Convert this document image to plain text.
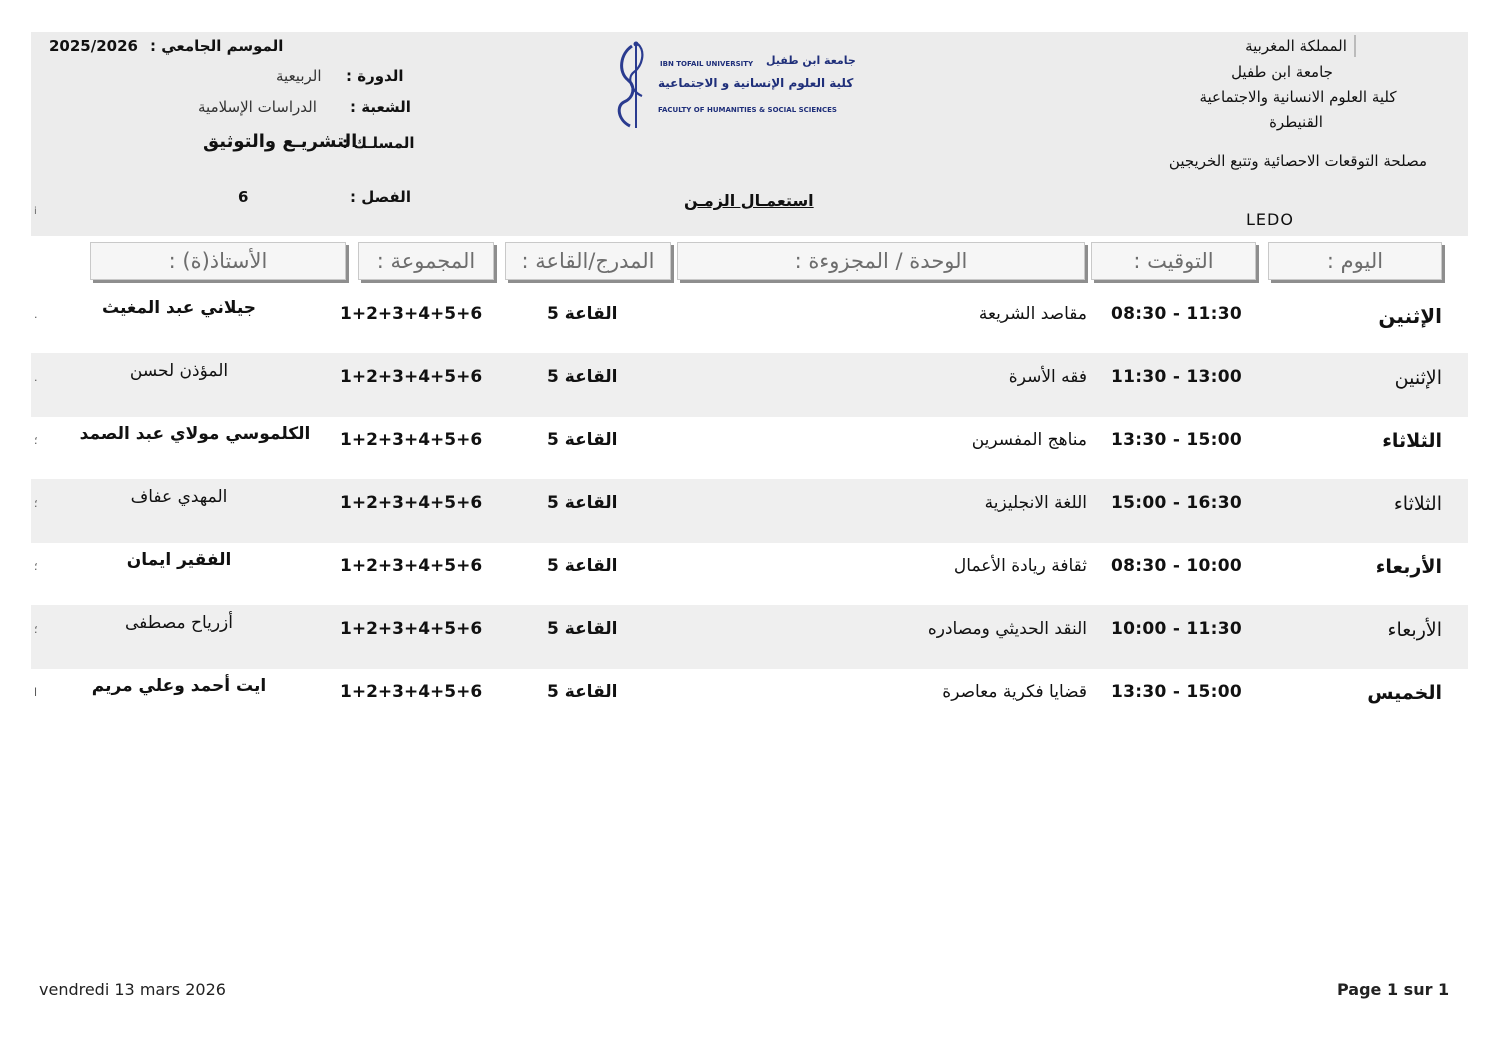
المملكة المغربية
جامعة ابن طفيل
كلية العلوم الانسانية والاجتماعية
القنيطرة
مصلحة التوقعات الاحصائية وتتبع الخريجين
LEDO
IBN TOFAIL UNIVERSITY جامعة ابن طفيل
كلية العلوم الإنسانية و الاجتماعية
FACULTY OF HUMANITIES & SOCIAL SCIENCES
الموسم الجامعي :
2025/2026
الدورة :
الربيعية
الشعبة :
الدراسات الإسلامية
المسلـك :
التشريـع والتوثيق
الفصل :
6	استعمـال الزمـن
i
اليوم :
التوقيت :
الوحدة / المجزوءة :
المدرج/القاعة :
المجموعة :
الأستاذ(ة) :
.	جيلاني عبد المغيث	1+2+3+4+5+6	القاعة 5	مقاصد الشريعة 08:30 - 11:30	الإثنين
.	المؤذن لحسن	1+2+3+4+5+6	القاعة 5	فقه الأسرة 11:30 - 13:00	الإثنين
؛	الكلموسي مولاي عبد الصمد	1+2+3+4+5+6	القاعة 5	مناهج المفسرين 13:30 - 15:00	الثلاثاء
؛	المهدي عفاف	1+2+3+4+5+6	القاعة 5	اللغة الانجليزية 15:00 - 16:30	الثلاثاء
؛	الفقير ايمان	1+2+3+4+5+6	القاعة 5	ثقافة ريادة الأعمال 08:30 - 10:00	الأربعاء
؛	أزرياح مصطفى	1+2+3+4+5+6	القاعة 5	النقد الحديثي ومصادره 10:00 - 11:30	الأربعاء
ا	ايت أحمد وعلي مريم	1+2+3+4+5+6	القاعة 5	قضايا فكرية معاصرة 13:30 - 15:00	الخميس
vendredi 13 mars 2026	Page 1 sur 1
